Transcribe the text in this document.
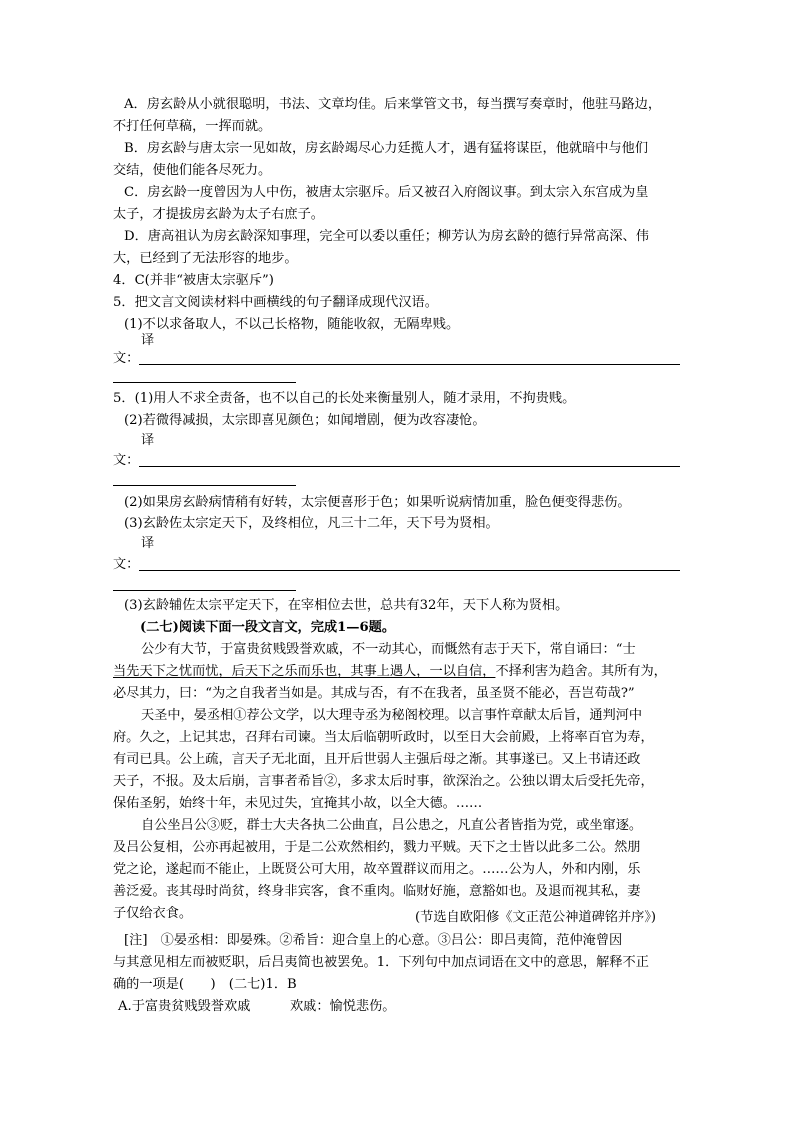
A．房玄龄从小就很聪明，书法、文章均佳。后来掌管文书，每当撰写奏章时，他驻马路边，
不打任何草稿，一挥而就。
B．房玄龄与唐太宗一见如故，房玄龄竭尽心力廷揽人才，遇有猛将谋臣，他就暗中与他们
交结，使他们能各尽死力。
C．房玄龄一度曾因为人中伤，被唐太宗驱斥。后又被召入府阁议事。到太宗入东宫成为皇
太子，才提拔房玄龄为太子右庶子。
D．唐高祖认为房玄龄深知事理，完全可以委以重任；柳芳认为房玄龄的德行异常高深、伟
大，已经到了无法形容的地步。
4．C(并非“被唐太宗驱斥”)
5．把文言文阅读材料中画横线的句子翻译成现代汉语。
(1)不以求备取人，不以己长格物，随能收叙，无隔卑贱。
译
文：
5．(1)用人不求全责备，也不以自己的长处来衡量别人，随才录用，不拘贵贱。
(2)若微得减损，太宗即喜见颜色；如闻增剧，便为改容凄怆。
译
文：
(2)如果房玄龄病情稍有好转，太宗便喜形于色；如果听说病情加重，脸色便变得悲伤。
(3)玄龄佐太宗定天下，及终相位，凡三十二年，天下号为贤相。
译
文：
(3)玄龄辅佐太宗平定天下，在宰相位去世，总共有32年，天下人称为贤相。
(二七)阅读下面一段文言文，完成1—6题。
公少有大节，于富贵贫贱毁誉欢戚，不一动其心，而慨然有志于天下，常自诵曰：“士
当先天下之忧而忧，后天下之乐而乐也，其事上遇人，一以自信，不择利害为趋舍。其所有为，
必尽其力，曰：“为之自我者当如是。其成与否，有不在我者，虽圣贤不能必，吾岂苟哉?”
天圣中，晏丞相①荐公文学，以大理寺丞为秘阁校理。以言事忤章献太后旨，通判河中
府。久之，上记其忠，召拜右司谏。当太后临朝听政时，以至日大会前殿，上将率百官为寿，
有司已具。公上疏，言天子无北面，且开后世弱人主强后母之渐。其事遂已。又上书请还政
天子，不报。及太后崩，言事者希旨②，多求太后时事，欲深治之。公独以谓太后受托先帝，
保佑圣躬，始终十年，未见过失，宜掩其小故，以全大德。……
自公坐吕公③贬，群士大夫各执二公曲直，吕公患之，凡直公者皆指为党，或坐窜逐。
及吕公复相，公亦再起被用，于是二公欢然相约，戮力平贼。天下之士皆以此多二公。然朋
党之论，遂起而不能止，上既贤公可大用，故卒置群议而用之。……公为人，外和内刚，乐
善泛爱。丧其母时尚贫，终身非宾客，食不重肉。临财好施，意豁如也。及退而视其私，妻
子仅给衣食。	(节选自欧阳修《文正范公神道碑铭并序》)
[注]　①晏丞相：即晏殊。②希旨：迎合皇上的心意。③吕公：即吕夷简，范仲淹曾因
与其意见相左而被贬职，后吕夷简也被罢免。1．下列句中加点词语在文中的意思，解释不正
确的一项是(　　)　(二七)1．B
A.于富贵贫贱毁誉欢戚　　　欢戚：愉悦悲伤。
